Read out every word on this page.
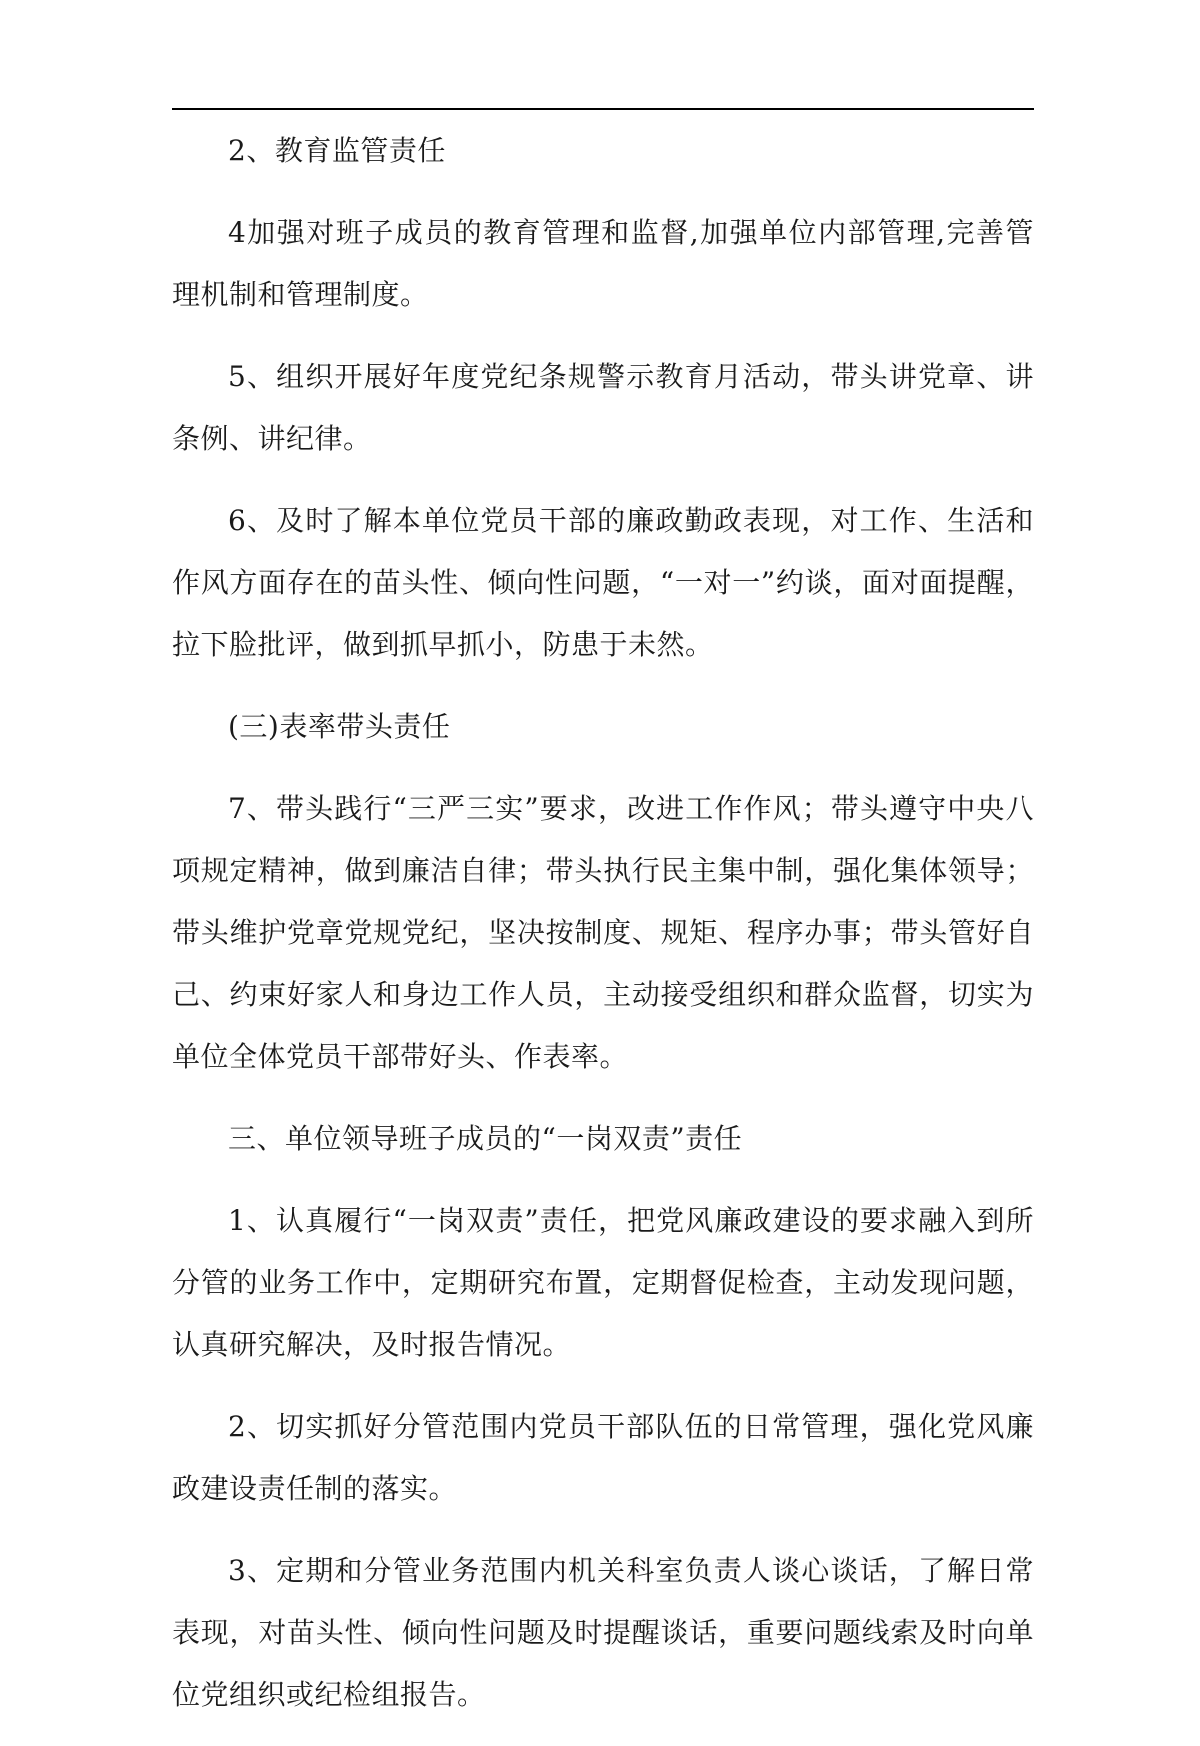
2、教育监管责任

4加强对班子成员的教育管理和监督,加强单位内部管理,完善管理机制和管理制度。

5、组织开展好年度党纪条规警示教育月活动，带头讲党章、讲条例、讲纪律。

6、及时了解本单位党员干部的廉政勤政表现，对工作、生活和作风方面存在的苗头性、倾向性问题，“一对一”约谈，面对面提醒，拉下脸批评，做到抓早抓小，防患于未然。

(三)表率带头责任

7、带头践行“三严三实”要求，改进工作作风；带头遵守中央八项规定精神，做到廉洁自律；带头执行民主集中制，强化集体领导；带头维护党章党规党纪，坚决按制度、规矩、程序办事；带头管好自己、约束好家人和身边工作人员，主动接受组织和群众监督，切实为单位全体党员干部带好头、作表率。

三、单位领导班子成员的“一岗双责”责任

1、认真履行“一岗双责”责任，把党风廉政建设的要求融入到所分管的业务工作中，定期研究布置，定期督促检查，主动发现问题，认真研究解决，及时报告情况。

2、切实抓好分管范围内党员干部队伍的日常管理，强化党风廉政建设责任制的落实。

3、定期和分管业务范围内机关科室负责人谈心谈话，了解日常表现，对苗头性、倾向性问题及时提醒谈话，重要问题线索及时向单位党组织或纪检组报告。
